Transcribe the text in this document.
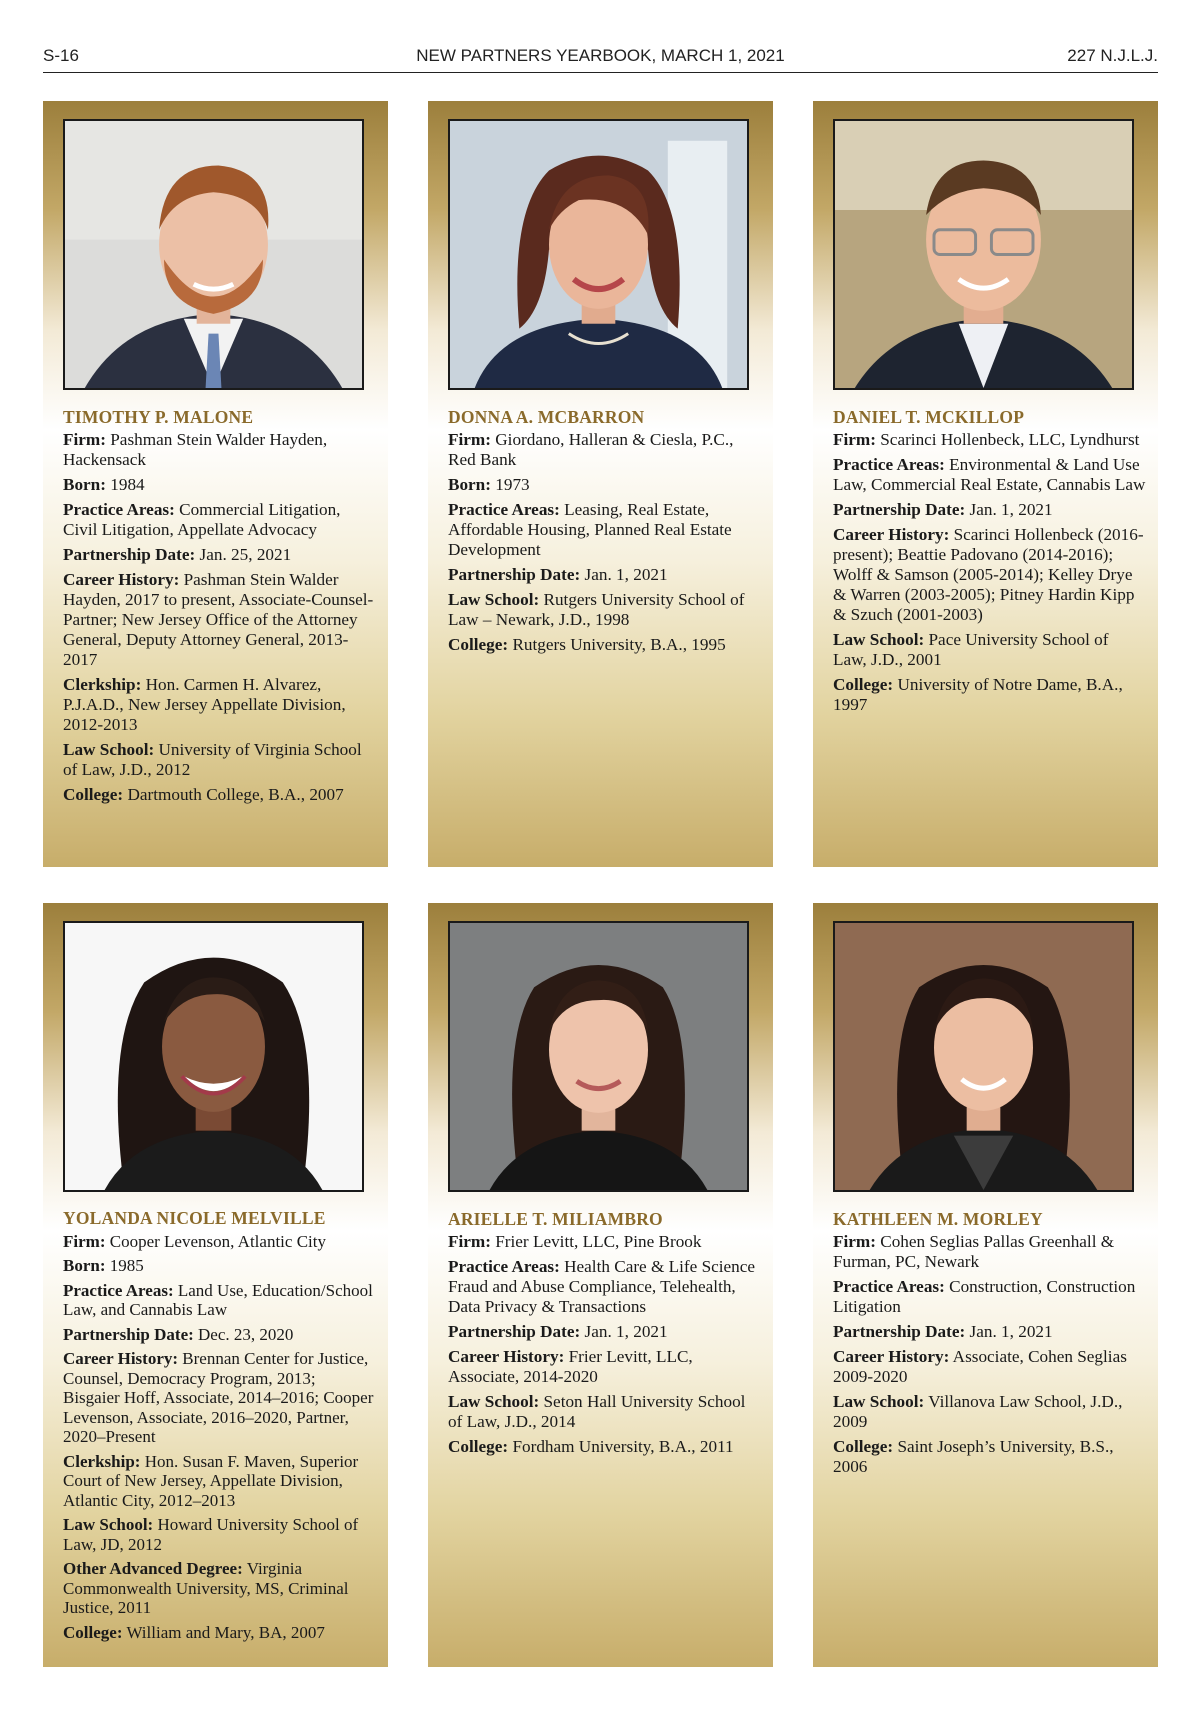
S-16	NEW PARTNERS YEARBOOK, MARCH 1, 2021	227 N.J.L.J.
TIMOTHY P. MALONE
Firm: Pashman Stein Walder Hayden, Hackensack
Born: 1984
Practice Areas: Commercial Litigation, Civil Litigation, Appellate Advocacy
Partnership Date: Jan. 25, 2021
Career History: Pashman Stein Walder Hayden, 2017 to present, Associate-Counsel-Partner; New Jersey Office of the Attorney General, Deputy Attorney General, 2013-2017
Clerkship: Hon. Carmen H. Alvarez, P.J.A.D., New Jersey Appellate Division, 2012-2013
Law School: University of Virginia School of Law, J.D., 2012
College: Dartmouth College, B.A., 2007
DONNA A. MCBARRON
Firm: Giordano, Halleran & Ciesla, P.C., Red Bank
Born: 1973
Practice Areas: Leasing, Real Estate, Affordable Housing, Planned Real Estate Development
Partnership Date: Jan. 1, 2021
Law School: Rutgers University School of Law – Newark, J.D., 1998
College: Rutgers University, B.A., 1995
DANIEL T. MCKILLOP
Firm: Scarinci Hollenbeck, LLC, Lyndhurst
Practice Areas: Environmental & Land Use Law, Commercial Real Estate, Cannabis Law
Partnership Date: Jan. 1, 2021
Career History: Scarinci Hollenbeck (2016-present); Beattie Padovano (2014-2016); Wolff & Samson (2005-2014); Kelley Drye & Warren (2003-2005); Pitney Hardin Kipp & Szuch (2001-2003)
Law School: Pace University School of Law, J.D., 2001
College: University of Notre Dame, B.A., 1997
YOLANDA NICOLE MELVILLE
Firm: Cooper Levenson, Atlantic City
Born: 1985
Practice Areas: Land Use, Education/School Law, and Cannabis Law
Partnership Date: Dec. 23, 2020
Career History: Brennan Center for Justice, Counsel, Democracy Program, 2013; Bisgaier Hoff, Associate, 2014–2016; Cooper Levenson, Associate, 2016–2020, Partner, 2020–Present
Clerkship: Hon. Susan F. Maven, Superior Court of New Jersey, Appellate Division, Atlantic City, 2012–2013
Law School: Howard University School of Law, JD, 2012
Other Advanced Degree: Virginia Commonwealth University, MS, Criminal Justice, 2011
College: William and Mary, BA, 2007
ARIELLE T. MILIAMBRO
Firm: Frier Levitt, LLC, Pine Brook
Practice Areas: Health Care & Life Science Fraud and Abuse Compliance, Telehealth, Data Privacy & Transactions
Partnership Date: Jan. 1, 2021
Career History: Frier Levitt, LLC, Associate, 2014-2020
Law School: Seton Hall University School of Law, J.D., 2014
College: Fordham University, B.A., 2011
KATHLEEN M. MORLEY
Firm: Cohen Seglias Pallas Greenhall & Furman, PC, Newark
Practice Areas: Construction, Construction Litigation
Partnership Date: Jan. 1, 2021
Career History: Associate, Cohen Seglias 2009-2020
Law School: Villanova Law School, J.D., 2009
College: Saint Joseph’s University, B.S., 2006
